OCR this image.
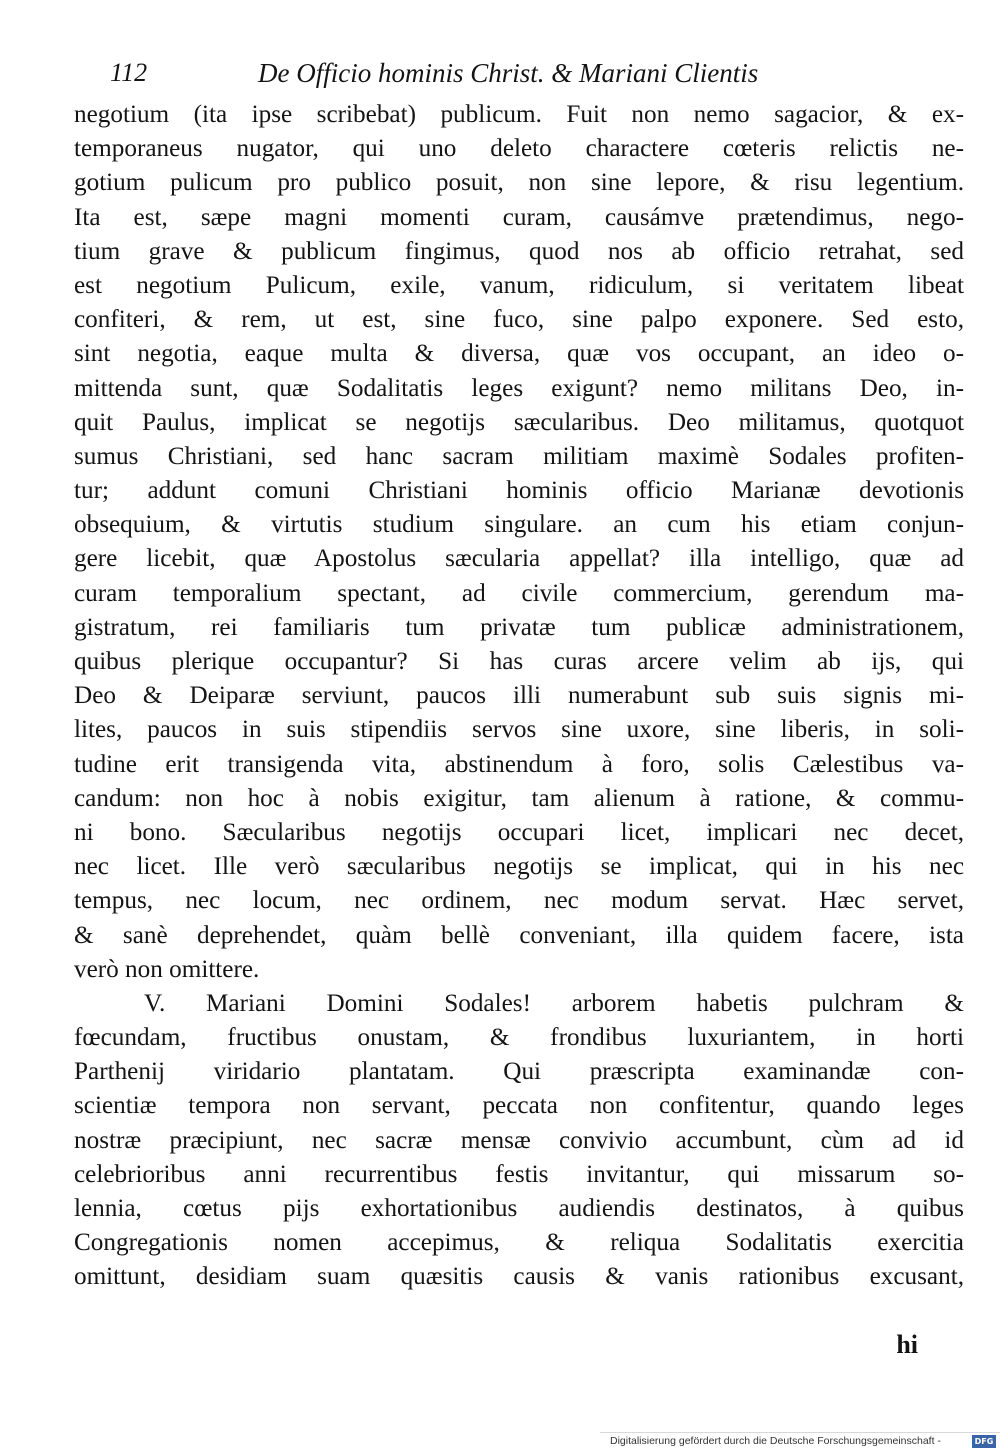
112	De Officio hominis Christ. & Mariani Clientis
negotium (ita ipse scribebat) publicum. Fuit non nemo sagacior, & ex-
temporaneus nugator, qui uno deleto charactere cœteris relictis ne-
gotium pulicum pro publico posuit, non sine lepore, & risu legentium.
Ita est, sæpe magni momenti curam, causámve prætendimus, nego-
tium grave & publicum fingimus, quod nos ab officio retrahat, sed
est negotium Pulicum, exile, vanum, ridiculum, si veritatem libeat
confiteri, & rem, ut est, sine fuco, sine palpo exponere. Sed esto,
sint negotia, eaque multa & diversa, quæ vos occupant, an ideo o-
mittenda sunt, quæ Sodalitatis leges exigunt? nemo militans Deo, in-
quit Paulus, implicat se negotijs sæcularibus. Deo militamus, quotquot
sumus Christiani, sed hanc sacram militiam maximè Sodales profiten-
tur; addunt comuni Christiani hominis officio Marianæ devotionis
obsequium, & virtutis studium singulare. an cum his etiam conjun-
gere licebit, quæ Apostolus sæcularia appellat? illa intelligo, quæ ad
curam temporalium spectant, ad civile commercium, gerendum ma-
gistratum, rei familiaris tum privatæ tum publicæ administrationem,
quibus plerique occupantur? Si has curas arcere velim ab ijs, qui
Deo & Deiparæ serviunt, paucos illi numerabunt sub suis signis mi-
lites, paucos in suis stipendiis servos sine uxore, sine liberis, in soli-
tudine erit transigenda vita, abstinendum à foro, solis Cælestibus va-
candum: non hoc à nobis exigitur, tam alienum à ratione, & commu-
ni bono. Sæcularibus negotijs occupari licet, implicari nec decet,
nec licet. Ille verò sæcularibus negotijs se implicat, qui in his nec
tempus, nec locum, nec ordinem, nec modum servat. Hæc servet,
& sanè deprehendet, quàm bellè conveniant, illa quidem facere, ista
verò non omittere.
V. Mariani Domini Sodales! arborem habetis pulchram &
fœcundam, fructibus onustam, & frondibus luxuriantem, in horti
Parthenij viridario plantatam. Qui præscripta examinandæ con-
scientiæ tempora non servant, peccata non confitentur, quando leges
nostræ præcipiunt, nec sacræ mensæ convivio accumbunt, cùm ad id
celebrioribus anni recurrentibus festis invitantur, qui missarum so-
lennia, cœtus pijs exhortationibus audiendis destinatos, à quibus
Congregationis nomen accepimus, & reliqua Sodalitatis exercitia
omittunt, desidiam suam quæsitis causis & vanis rationibus excusant,
hi
Digitalisierung gefördert durch die Deutsche Forschungsgemeinschaft -	DFG
